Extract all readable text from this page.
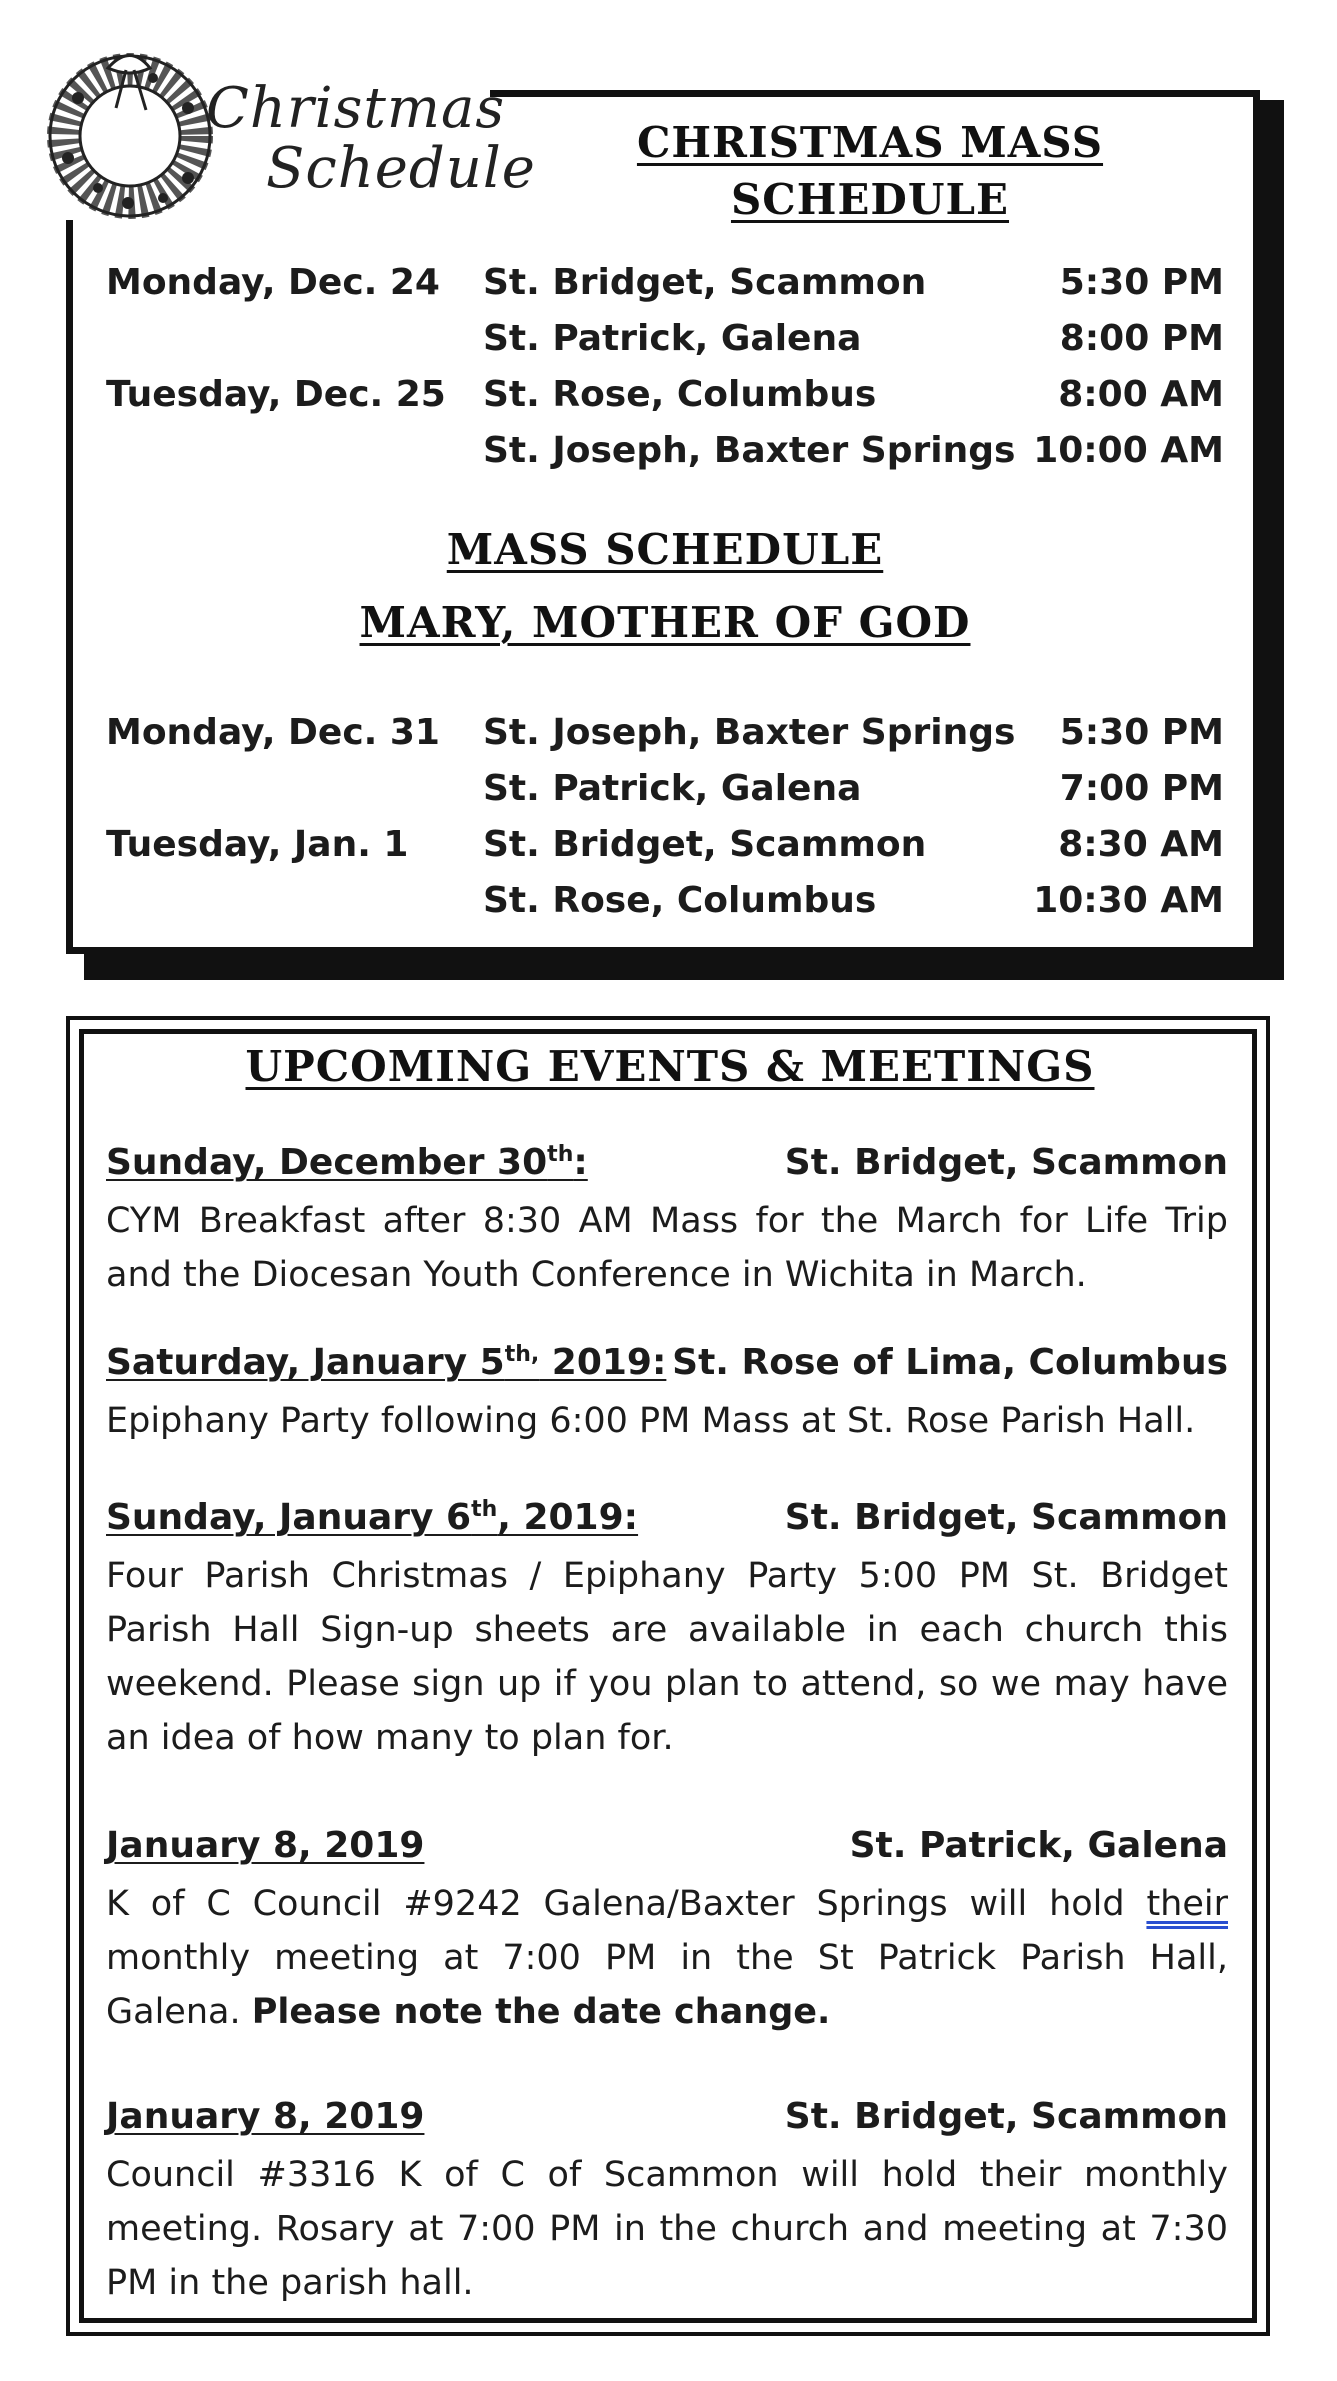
Christmas
Schedule	CHRISTMAS MASS
SCHEDULE
Monday, Dec. 24 St. Bridget, Scammon	5:30 PM
St. Patrick, Galena	8:00 PM
Tuesday, Dec. 25 St. Rose, Columbus	8:00 AM
St. Joseph, Baxter Springs 10:00 AM
MASS SCHEDULE
MARY, MOTHER OF GOD
Monday, Dec. 31 St. Joseph, Baxter Springs 5:30 PM
St. Patrick, Galena	7:00 PM
Tuesday, Jan. 1 St. Bridget, Scammon	8:30 AM
St. Rose, Columbus	10:30 AM
UPCOMING EVENTS & MEETINGS
Sunday, December 30th:	St. Bridget, Scammon
CYM Breakfast after 8:30 AM Mass for the March for Life Trip and the Diocesan Youth Conference in Wichita in March.
Saturday, January $5^{th,}$ 2019: St. Rose of Lima, Columbus
Epiphany Party following 6:00 PM Mass at St. Rose Parish Hall.
Sunday, January 6th, 2019:	St. Bridget, Scammon
Four Parish Christmas / Epiphany Party 5:00 PM St. Bridget Parish Hall Sign-up sheets are available in each church this weekend. Please sign up if you plan to attend, so we may have an idea of how many to plan for.
January 8, 2019	St. Patrick, Galena
K of C Council #9242 Galena/Baxter Springs will hold their monthly meeting at 7:00 PM in the St Patrick Parish Hall, Galena. Please note the date change.
January 8, 2019	St. Bridget, Scammon
Council #3316 K of C of Scammon will hold their monthly meeting. Rosary at 7:00 PM in the church and meeting at 7:30 PM in the parish hall.
